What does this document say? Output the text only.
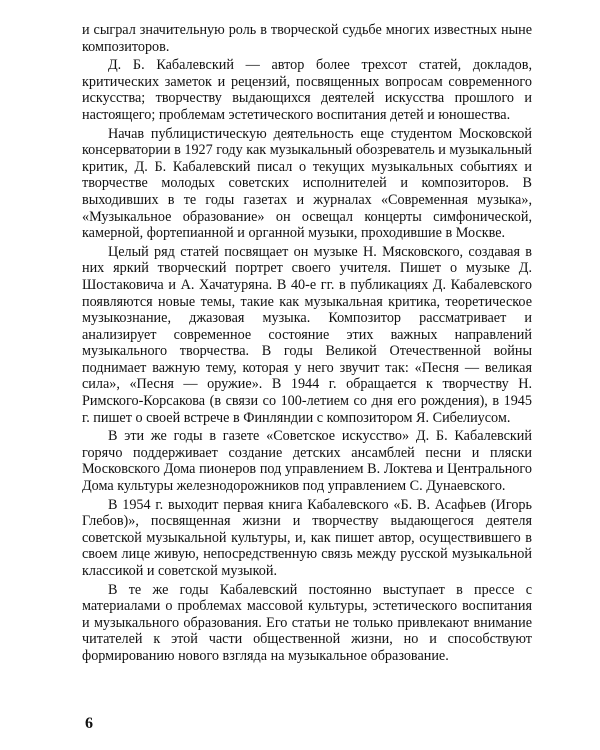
и сыграл значительную роль в творческой судьбе многих известных ныне композиторов.

Д. Б. Кабалевский — автор более трехсот статей, докладов, критических заметок и рецензий, посвященных вопросам современного искусства; творчеству выдающихся деятелей искусства прошлого и настоящего; проблемам эстетического воспитания детей и юношества.

Начав публицистическую деятельность еще студентом Московской консерватории в 1927 году как музыкальный обозреватель и музыкальный критик, Д. Б. Кабалевский писал о текущих музыкальных событиях и творчестве молодых советских исполнителей и композиторов. В выходивших в те годы газетах и журналах «Современная музыка», «Музыкальное образование» он освещал концерты симфонической, камерной, фортепианной и органной музыки, проходившие в Москве.

Целый ряд статей посвящает он музыке Н. Мясковского, создавая в них яркий творческий портрет своего учителя. Пишет о музыке Д. Шостаковича и А. Хачатуряна. В 40-е гг. в публикациях Д. Кабалевского появляются новые темы, такие как музыкальная критика, теоретическое музыкознание, джазовая музыка. Композитор рассматривает и анализирует современное состояние этих важных направлений музыкального творчества. В годы Великой Отечественной войны поднимает важную тему, которая у него звучит так: «Песня — великая сила», «Песня — оружие». В 1944 г. обращается к творчеству Н. Римского-Корсакова (в связи со 100-летием со дня его рождения), в 1945 г. пишет о своей встрече в Финляндии с композитором Я. Сибелиусом.

В эти же годы в газете «Советское искусство» Д. Б. Кабалевский горячо поддерживает создание детских ансамблей песни и пляски Московского Дома пионеров под управлением В. Локтева и Центрального Дома культуры железнодорожников под управлением С. Дунаевского.

В 1954 г. выходит первая книга Кабалевского «Б. В. Асафьев (Игорь Глебов)», посвященная жизни и творчеству выдающегося деятеля советской музыкальной культуры, и, как пишет автор, осуществившего в своем лице живую, непосредственную связь между русской музыкальной классикой и советской музыкой.

В те же годы Кабалевский постоянно выступает в прессе с материалами о проблемах массовой культуры, эстетического воспитания и музыкального образования. Его статьи не только привлекают внимание читателей к этой части общественной жизни, но и способствуют формированию нового взгляда на музыкальное образование.

6
